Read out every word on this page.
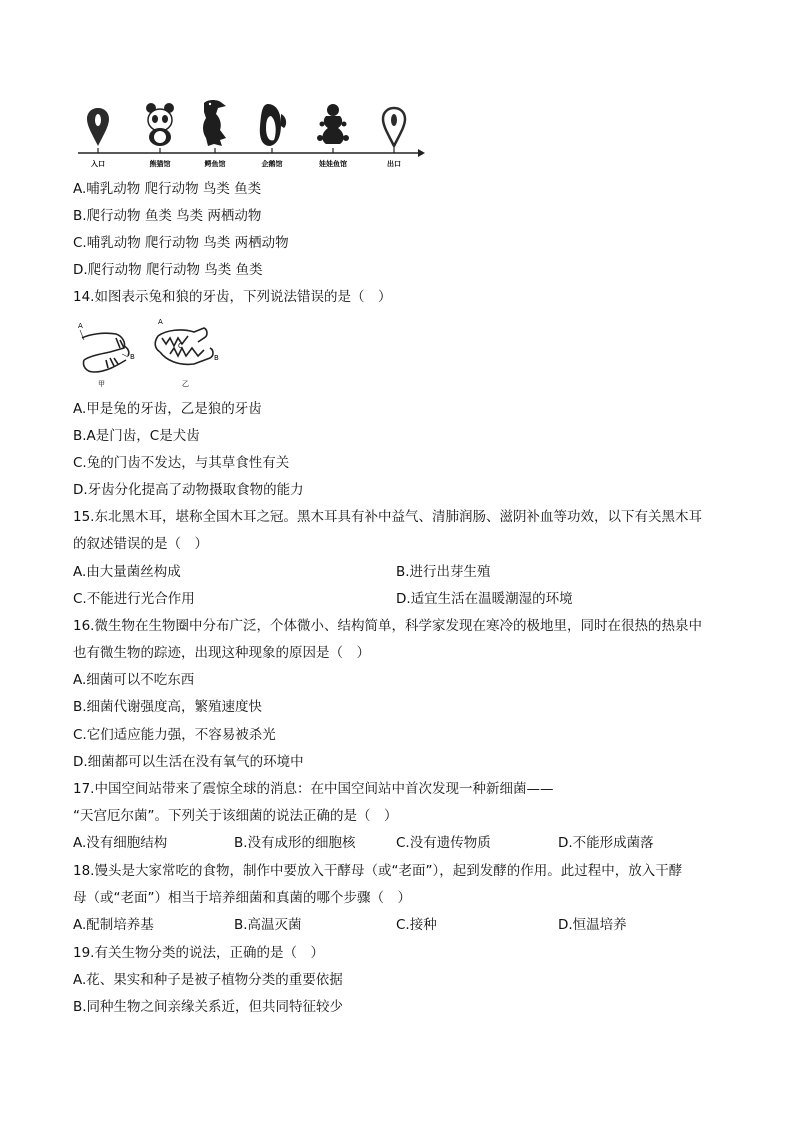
入口	熊猫馆	鳄鱼馆	企鹅馆	娃娃鱼馆	出口
A.哺乳动物 爬行动物 鸟类 鱼类
B.爬行动物 鱼类 鸟类 两栖动物
C.哺乳动物 爬行动物 鸟类 两栖动物
D.爬行动物 爬行动物 鸟类 鱼类
14.如图表示兔和狼的牙齿，下列说法错误的是（　）
A
B
甲
A
C
B
乙
A.甲是兔的牙齿，乙是狼的牙齿
B.A是门齿，C是犬齿
C.兔的门齿不发达，与其草食性有关
D.牙齿分化提高了动物摄取食物的能力
15.东北黑木耳，堪称全国木耳之冠。黑木耳具有补中益气、清肺润肠、滋阴补血等功效，以下有关黑木耳
的叙述错误的是（　）
A.由大量菌丝构成	B.进行出芽生殖
C.不能进行光合作用	D.适宜生活在温暖潮湿的环境
16.微生物在生物圈中分布广泛，个体微小、结构简单，科学家发现在寒冷的极地里，同时在很热的热泉中
也有微生物的踪迹，出现这种现象的原因是（　）
A.细菌可以不吃东西
B.细菌代谢强度高，繁殖速度快
C.它们适应能力强，不容易被杀光
D.细菌都可以生活在没有氧气的环境中
17.中国空间站带来了震惊全球的消息：在中国空间站中首次发现一种新细菌——
“天宫厄尔菌”。下列关于该细菌的说法正确的是（　）
A.没有细胞结构	B.没有成形的细胞核	C.没有遗传物质	D.不能形成菌落
18.馒头是大家常吃的食物，制作中要放入干酵母（或“老面”），起到发酵的作用。此过程中，放入干酵
母（或“老面”）相当于培养细菌和真菌的哪个步骤（　）
A.配制培养基	B.高温灭菌	C.接种	D.恒温培养
19.有关生物分类的说法，正确的是（　）
A.花、果实和种子是被子植物分类的重要依据
B.同种生物之间亲缘关系近，但共同特征较少
